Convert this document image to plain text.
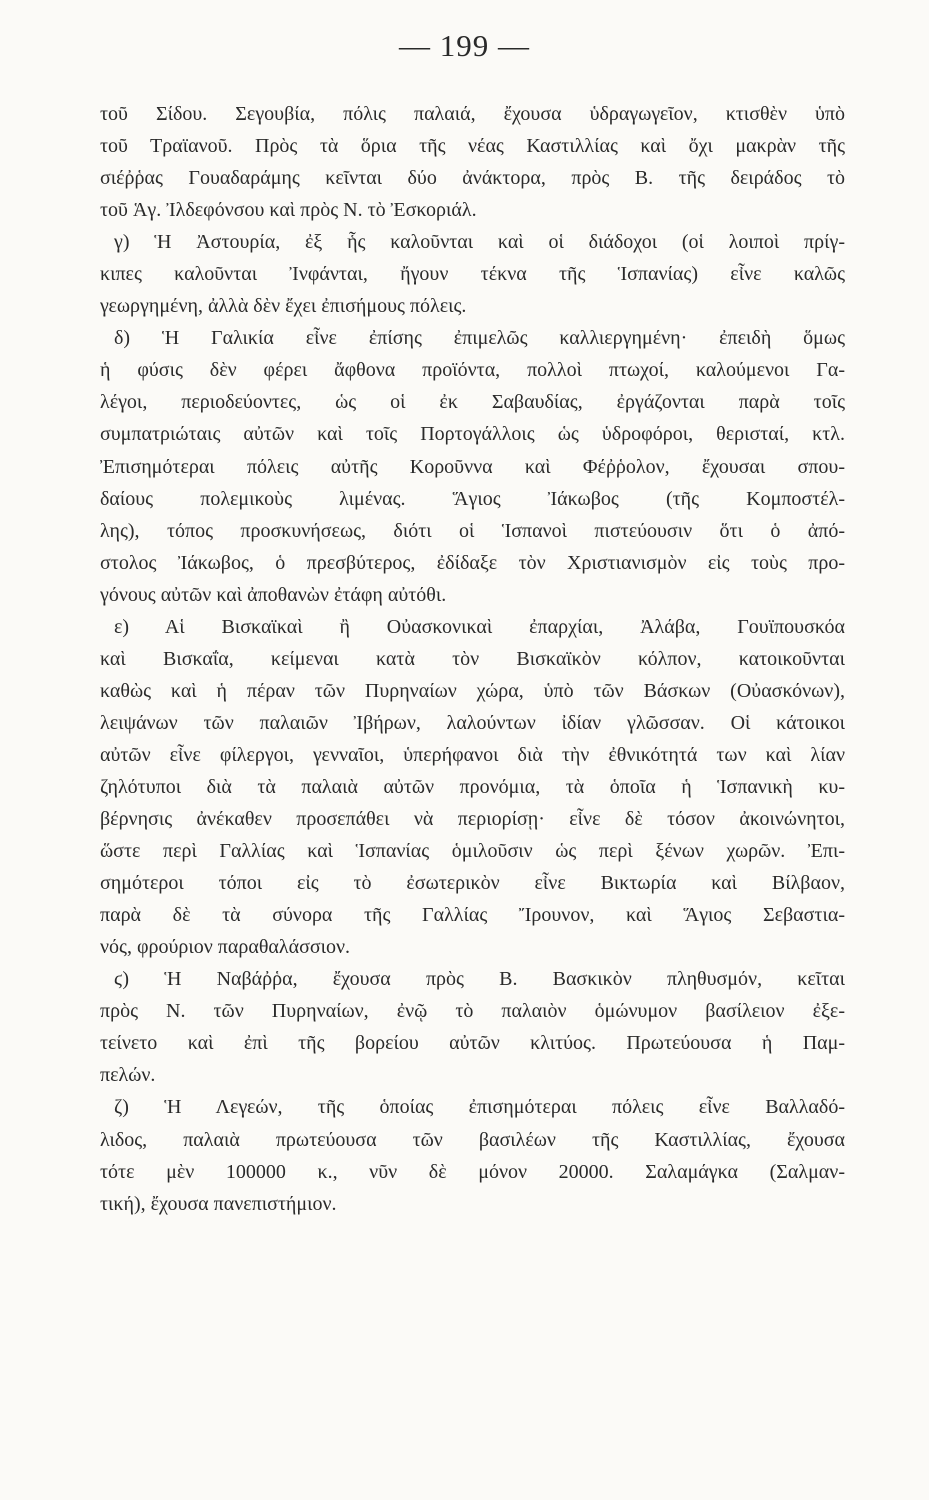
— 199 —
τοῦ Σίδου. Σεγουβία, πόλις παλαιά, ἔχουσα ὑδραγωγεῖον, κτισθὲν ὑπὸ
τοῦ Τραϊανοῦ. Πρὸς τὰ ὅρια τῆς νέας Καστιλλίας καὶ ὄχι μακρὰν τῆς
σιέῤῥας Γουαδαράμης κεῖνται δύο ἀνάκτορα, πρὸς Β. τῆς δειράδος τὸ
τοῦ Ἁγ. Ἰλδεφόνσου καὶ πρὸς Ν. τὸ Ἐσκοριάλ.
γ) Ἡ Ἀστουρία, ἐξ ἧς καλοῦνται καὶ οἱ διάδοχοι (οἱ λοιποὶ πρίγ-
κιπες καλοῦνται Ἰνφάνται, ἤγουν τέκνα τῆς Ἱσπανίας) εἶνε καλῶς
γεωργημένη, ἀλλὰ δὲν ἔχει ἐπισήμους πόλεις.
δ) Ἡ Γαλικία εἶνε ἐπίσης ἐπιμελῶς καλλιεργημένη· ἐπειδὴ ὅμως
ἡ φύσις δὲν φέρει ἄφθονα προϊόντα, πολλοὶ πτωχοί, καλούμενοι Γα-
λέγοι, περιοδεύοντες, ὡς οἱ ἐκ Σαβαυδίας, ἐργάζονται παρὰ τοῖς
συμπατριώταις αὐτῶν καὶ τοῖς Πορτογάλλοις ὡς ὑδροφόροι, θερισταί, κτλ.
Ἐπισημότεραι πόλεις αὐτῆς Κοροῦννα καὶ Φέῤῥολον, ἔχουσαι σπου-
δαίους πολεμικοὺς λιμένας. Ἅγιος Ἰάκωβος (τῆς Κομποστέλ-
λης), τόπος προσκυνήσεως, διότι οἱ Ἱσπανοὶ πιστεύουσιν ὅτι ὁ ἀπό-
στολος Ἰάκωβος, ὁ πρεσβύτερος, ἐδίδαξε τὸν Χριστιανισμὸν εἰς τοὺς προ-
γόνους αὐτῶν καὶ ἀποθανὼν ἐτάφη αὐτόθι.
ε) Αἱ Βισκαϊκαὶ ἢ Οὐασκονικαὶ ἐπαρχίαι, Ἀλάβα, Γουϊπουσκόα
καὶ Βισκαΐα, κείμεναι κατὰ τὸν Βισκαϊκὸν κόλπον, κατοικοῦνται
καθὼς καὶ ἡ πέραν τῶν Πυρηναίων χώρα, ὑπὸ τῶν Βάσκων (Οὐασκόνων),
λειψάνων τῶν παλαιῶν Ἰβήρων, λαλούντων ἰδίαν γλῶσσαν. Οἱ κάτοικοι
αὐτῶν εἶνε φίλεργοι, γενναῖοι, ὑπερήφανοι διὰ τὴν ἐθνικότητά των καὶ λίαν
ζηλότυποι διὰ τὰ παλαιὰ αὐτῶν προνόμια, τὰ ὁποῖα ἡ Ἱσπανικὴ κυ-
βέρνησις ἀνέκαθεν προσεπάθει νὰ περιορίσῃ· εἶνε δὲ τόσον ἀκοινώνητοι,
ὥστε περὶ Γαλλίας καὶ Ἱσπανίας ὁμιλοῦσιν ὡς περὶ ξένων χωρῶν. Ἐπι-
σημότεροι τόποι εἰς τὸ ἐσωτερικὸν εἶνε Βικτωρία καὶ Βίλβαον,
παρὰ δὲ τὰ σύνορα τῆς Γαλλίας Ἴρουνον, καὶ Ἅγιος Σεβαστια-
νός, φρούριον παραθαλάσσιον.
ϛ) Ἡ Ναβάῤῥα, ἔχουσα πρὸς Β. Βασκικὸν πληθυσμόν, κεῖται
πρὸς Ν. τῶν Πυρηναίων, ἐνῷ τὸ παλαιὸν ὁμώνυμον βασίλειον ἐξε-
τείνετο καὶ ἐπὶ τῆς βορείου αὐτῶν κλιτύος. Πρωτεύουσα ἡ Παμ-
πελών.
ζ) Ἡ Λεγεών, τῆς ὁποίας ἐπισημότεραι πόλεις εἶνε Βαλλαδό-
λιδος, παλαιὰ πρωτεύουσα τῶν βασιλέων τῆς Καστιλλίας, ἔχουσα
τότε μὲν 100000 κ., νῦν δὲ μόνον 20000. Σαλαμάγκα (Σαλμαν-
τική), ἔχουσα πανεπιστήμιον.
